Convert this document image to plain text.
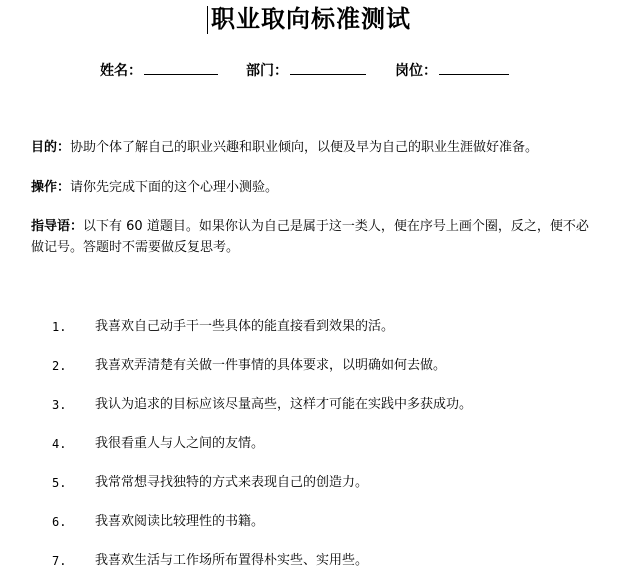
职业取向标准测试
姓名：	部门：	岗位：
目的：协助个体了解自己的职业兴趣和职业倾向，以便及早为自己的职业生涯做好准备。
操作：请你先完成下面的这个心理小测验。
指导语：以下有 60 道题目。如果你认为自己是属于这一类人，便在序号上画个圈，反之，便不必做记号。答题时不需要做反复思考。
1. 我喜欢自己动手干一些具体的能直接看到效果的活。
2. 我喜欢弄清楚有关做一件事情的具体要求，以明确如何去做。
3. 我认为追求的目标应该尽量高些，这样才可能在实践中多获成功。
4. 我很看重人与人之间的友情。
5. 我常常想寻找独特的方式来表现自己的创造力。
6. 我喜欢阅读比较理性的书籍。
7. 我喜欢生活与工作场所布置得朴实些、实用些。
